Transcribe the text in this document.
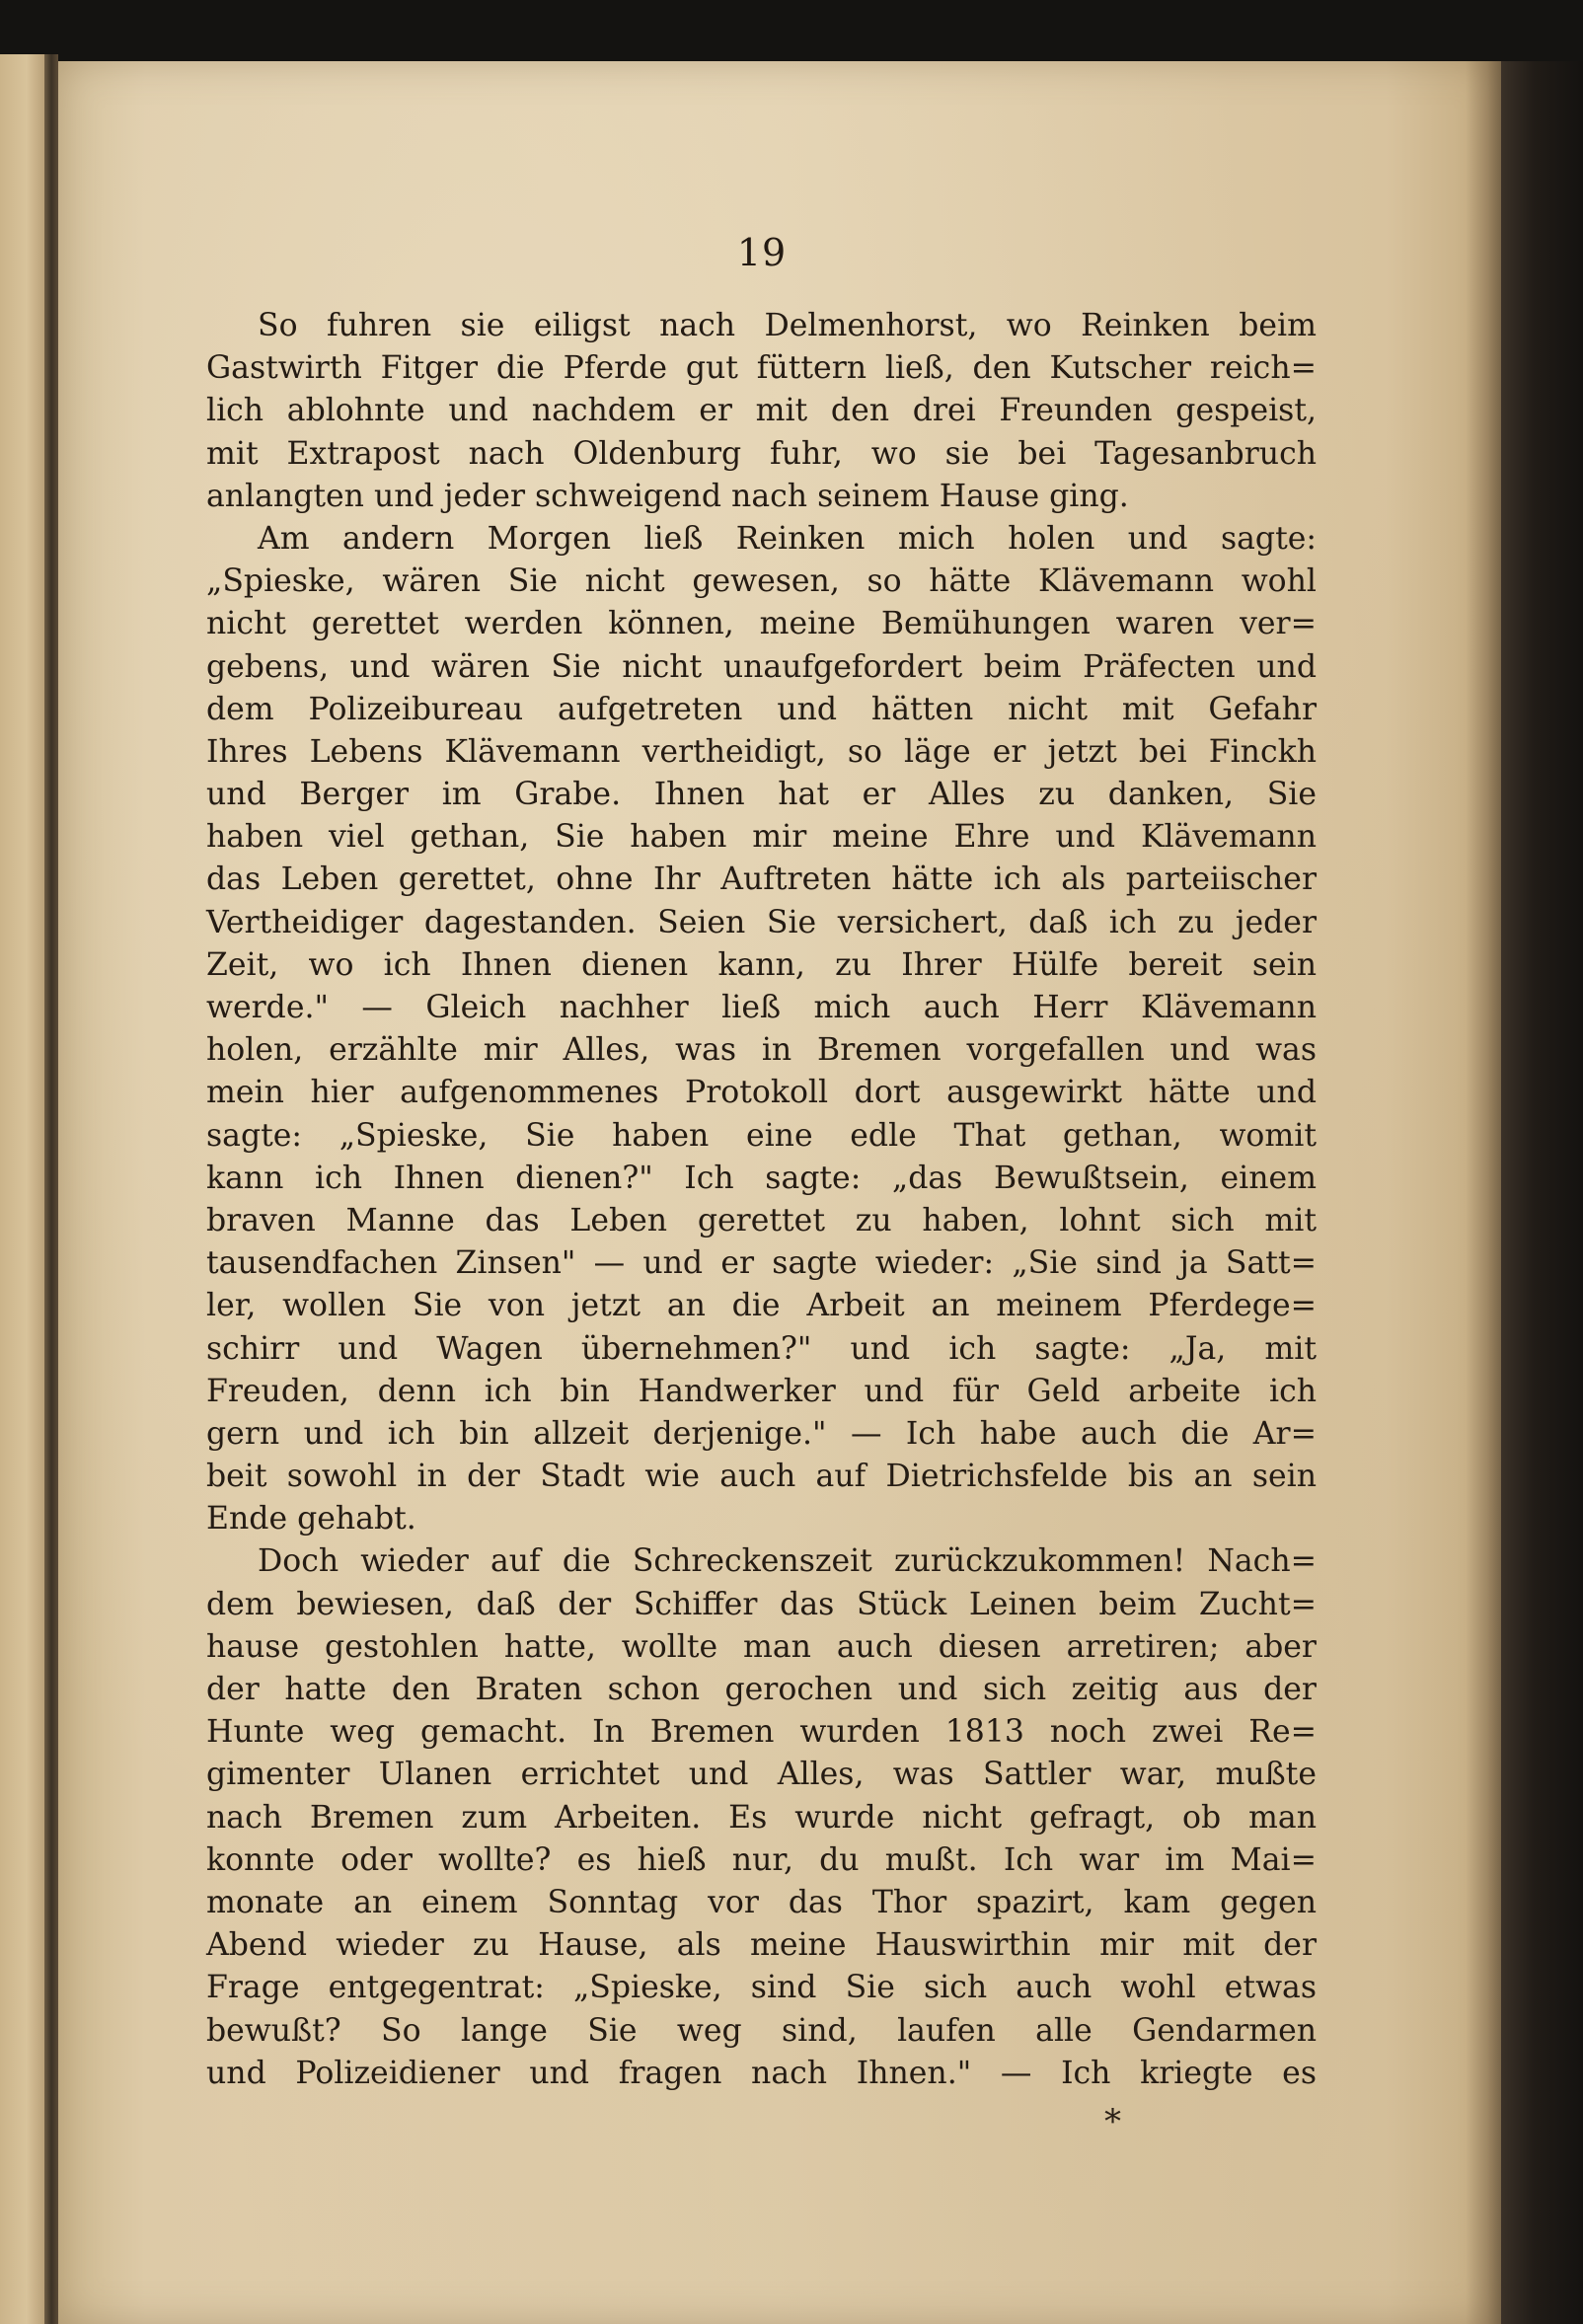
19
So fuhren sie eiligst nach Delmenhorst, wo Reinken beim
Gastwirth Fitger die Pferde gut füttern ließ, den Kutscher reich=
lich ablohnte und nachdem er mit den drei Freunden gespeist,
mit Extrapost nach Oldenburg fuhr, wo sie bei Tagesanbruch
anlangten und jeder schweigend nach seinem Hause ging.
Am andern Morgen ließ Reinken mich holen und sagte:
„Spieske, wären Sie nicht gewesen, so hätte Klävemann wohl
nicht gerettet werden können, meine Bemühungen waren ver=
gebens, und wären Sie nicht unaufgefordert beim Präfecten und
dem Polizeibureau aufgetreten und hätten nicht mit Gefahr
Ihres Lebens Klävemann vertheidigt, so läge er jetzt bei Finckh
und Berger im Grabe. Ihnen hat er Alles zu danken, Sie
haben viel gethan, Sie haben mir meine Ehre und Klävemann
das Leben gerettet, ohne Ihr Auftreten hätte ich als parteiischer
Vertheidiger dagestanden. Seien Sie versichert, daß ich zu jeder
Zeit, wo ich Ihnen dienen kann, zu Ihrer Hülfe bereit sein
werde." — Gleich nachher ließ mich auch Herr Klävemann
holen, erzählte mir Alles, was in Bremen vorgefallen und was
mein hier aufgenommenes Protokoll dort ausgewirkt hätte und
sagte: „Spieske, Sie haben eine edle That gethan, womit
kann ich Ihnen dienen?" Ich sagte: „das Bewußtsein, einem
braven Manne das Leben gerettet zu haben, lohnt sich mit
tausendfachen Zinsen" — und er sagte wieder: „Sie sind ja Satt=
ler, wollen Sie von jetzt an die Arbeit an meinem Pferdege=
schirr und Wagen übernehmen?" und ich sagte: „Ja, mit
Freuden, denn ich bin Handwerker und für Geld arbeite ich
gern und ich bin allzeit derjenige." — Ich habe auch die Ar=
beit sowohl in der Stadt wie auch auf Dietrichsfelde bis an sein
Ende gehabt.
Doch wieder auf die Schreckenszeit zurückzukommen! Nach=
dem bewiesen, daß der Schiffer das Stück Leinen beim Zucht=
hause gestohlen hatte, wollte man auch diesen arretiren; aber
der hatte den Braten schon gerochen und sich zeitig aus der
Hunte weg gemacht. In Bremen wurden 1813 noch zwei Re=
gimenter Ulanen errichtet und Alles, was Sattler war, mußte
nach Bremen zum Arbeiten. Es wurde nicht gefragt, ob man
konnte oder wollte? es hieß nur, du mußt. Ich war im Mai=
monate an einem Sonntag vor das Thor spazirt, kam gegen
Abend wieder zu Hause, als meine Hauswirthin mir mit der
Frage entgegentrat: „Spieske, sind Sie sich auch wohl etwas
bewußt? So lange Sie weg sind, laufen alle Gendarmen
und Polizeidiener und fragen nach Ihnen." — Ich kriegte es
*
